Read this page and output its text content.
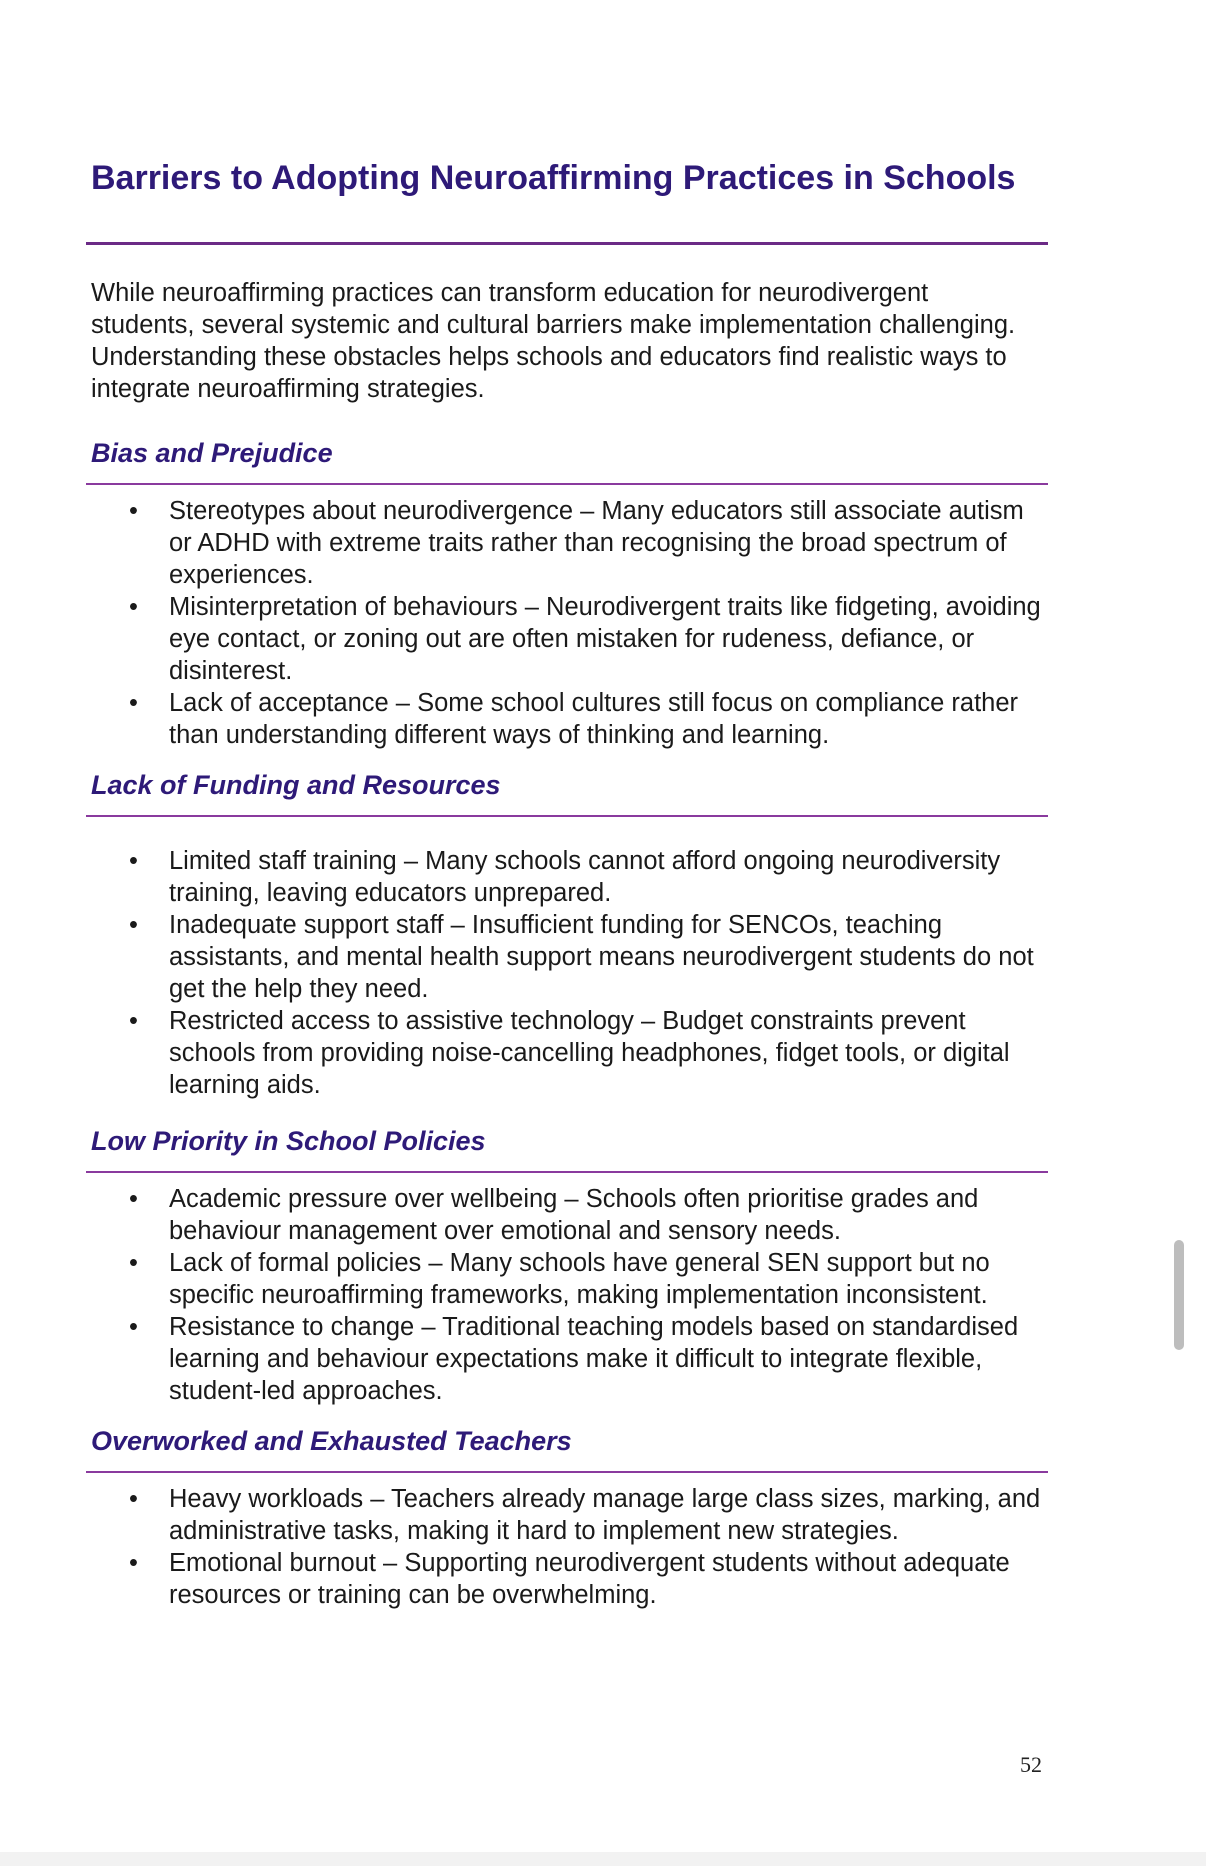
Barriers to Adopting Neuroaffirming Practices in Schools

While neuroaffirming practices can transform education for neurodivergent students, several systemic and cultural barriers make implementation challenging. Understanding these obstacles helps schools and educators find realistic ways to integrate neuroaffirming strategies.

Bias and Prejudice
• Stereotypes about neurodivergence – Many educators still associate autism or ADHD with extreme traits rather than recognising the broad spectrum of experiences.
• Misinterpretation of behaviours – Neurodivergent traits like fidgeting, avoiding eye contact, or zoning out are often mistaken for rudeness, defiance, or disinterest.
• Lack of acceptance – Some school cultures still focus on compliance rather than understanding different ways of thinking and learning.
Lack of Funding and Resources
• Limited staff training – Many schools cannot afford ongoing neurodiversity training, leaving educators unprepared.
• Inadequate support staff – Insufficient funding for SENCOs, teaching assistants, and mental health support means neurodivergent students do not get the help they need.
• Restricted access to assistive technology – Budget constraints prevent schools from providing noise-cancelling headphones, fidget tools, or digital learning aids.
Low Priority in School Policies
• Academic pressure over wellbeing – Schools often prioritise grades and behaviour management over emotional and sensory needs.
• Lack of formal policies – Many schools have general SEN support but no specific neuroaffirming frameworks, making implementation inconsistent.
• Resistance to change – Traditional teaching models based on standardised learning and behaviour expectations make it difficult to integrate flexible, student-led approaches.
Overworked and Exhausted Teachers
• Heavy workloads – Teachers already manage large class sizes, marking, and administrative tasks, making it hard to implement new strategies.
• Emotional burnout – Supporting neurodivergent students without adequate resources or training can be overwhelming.
52
